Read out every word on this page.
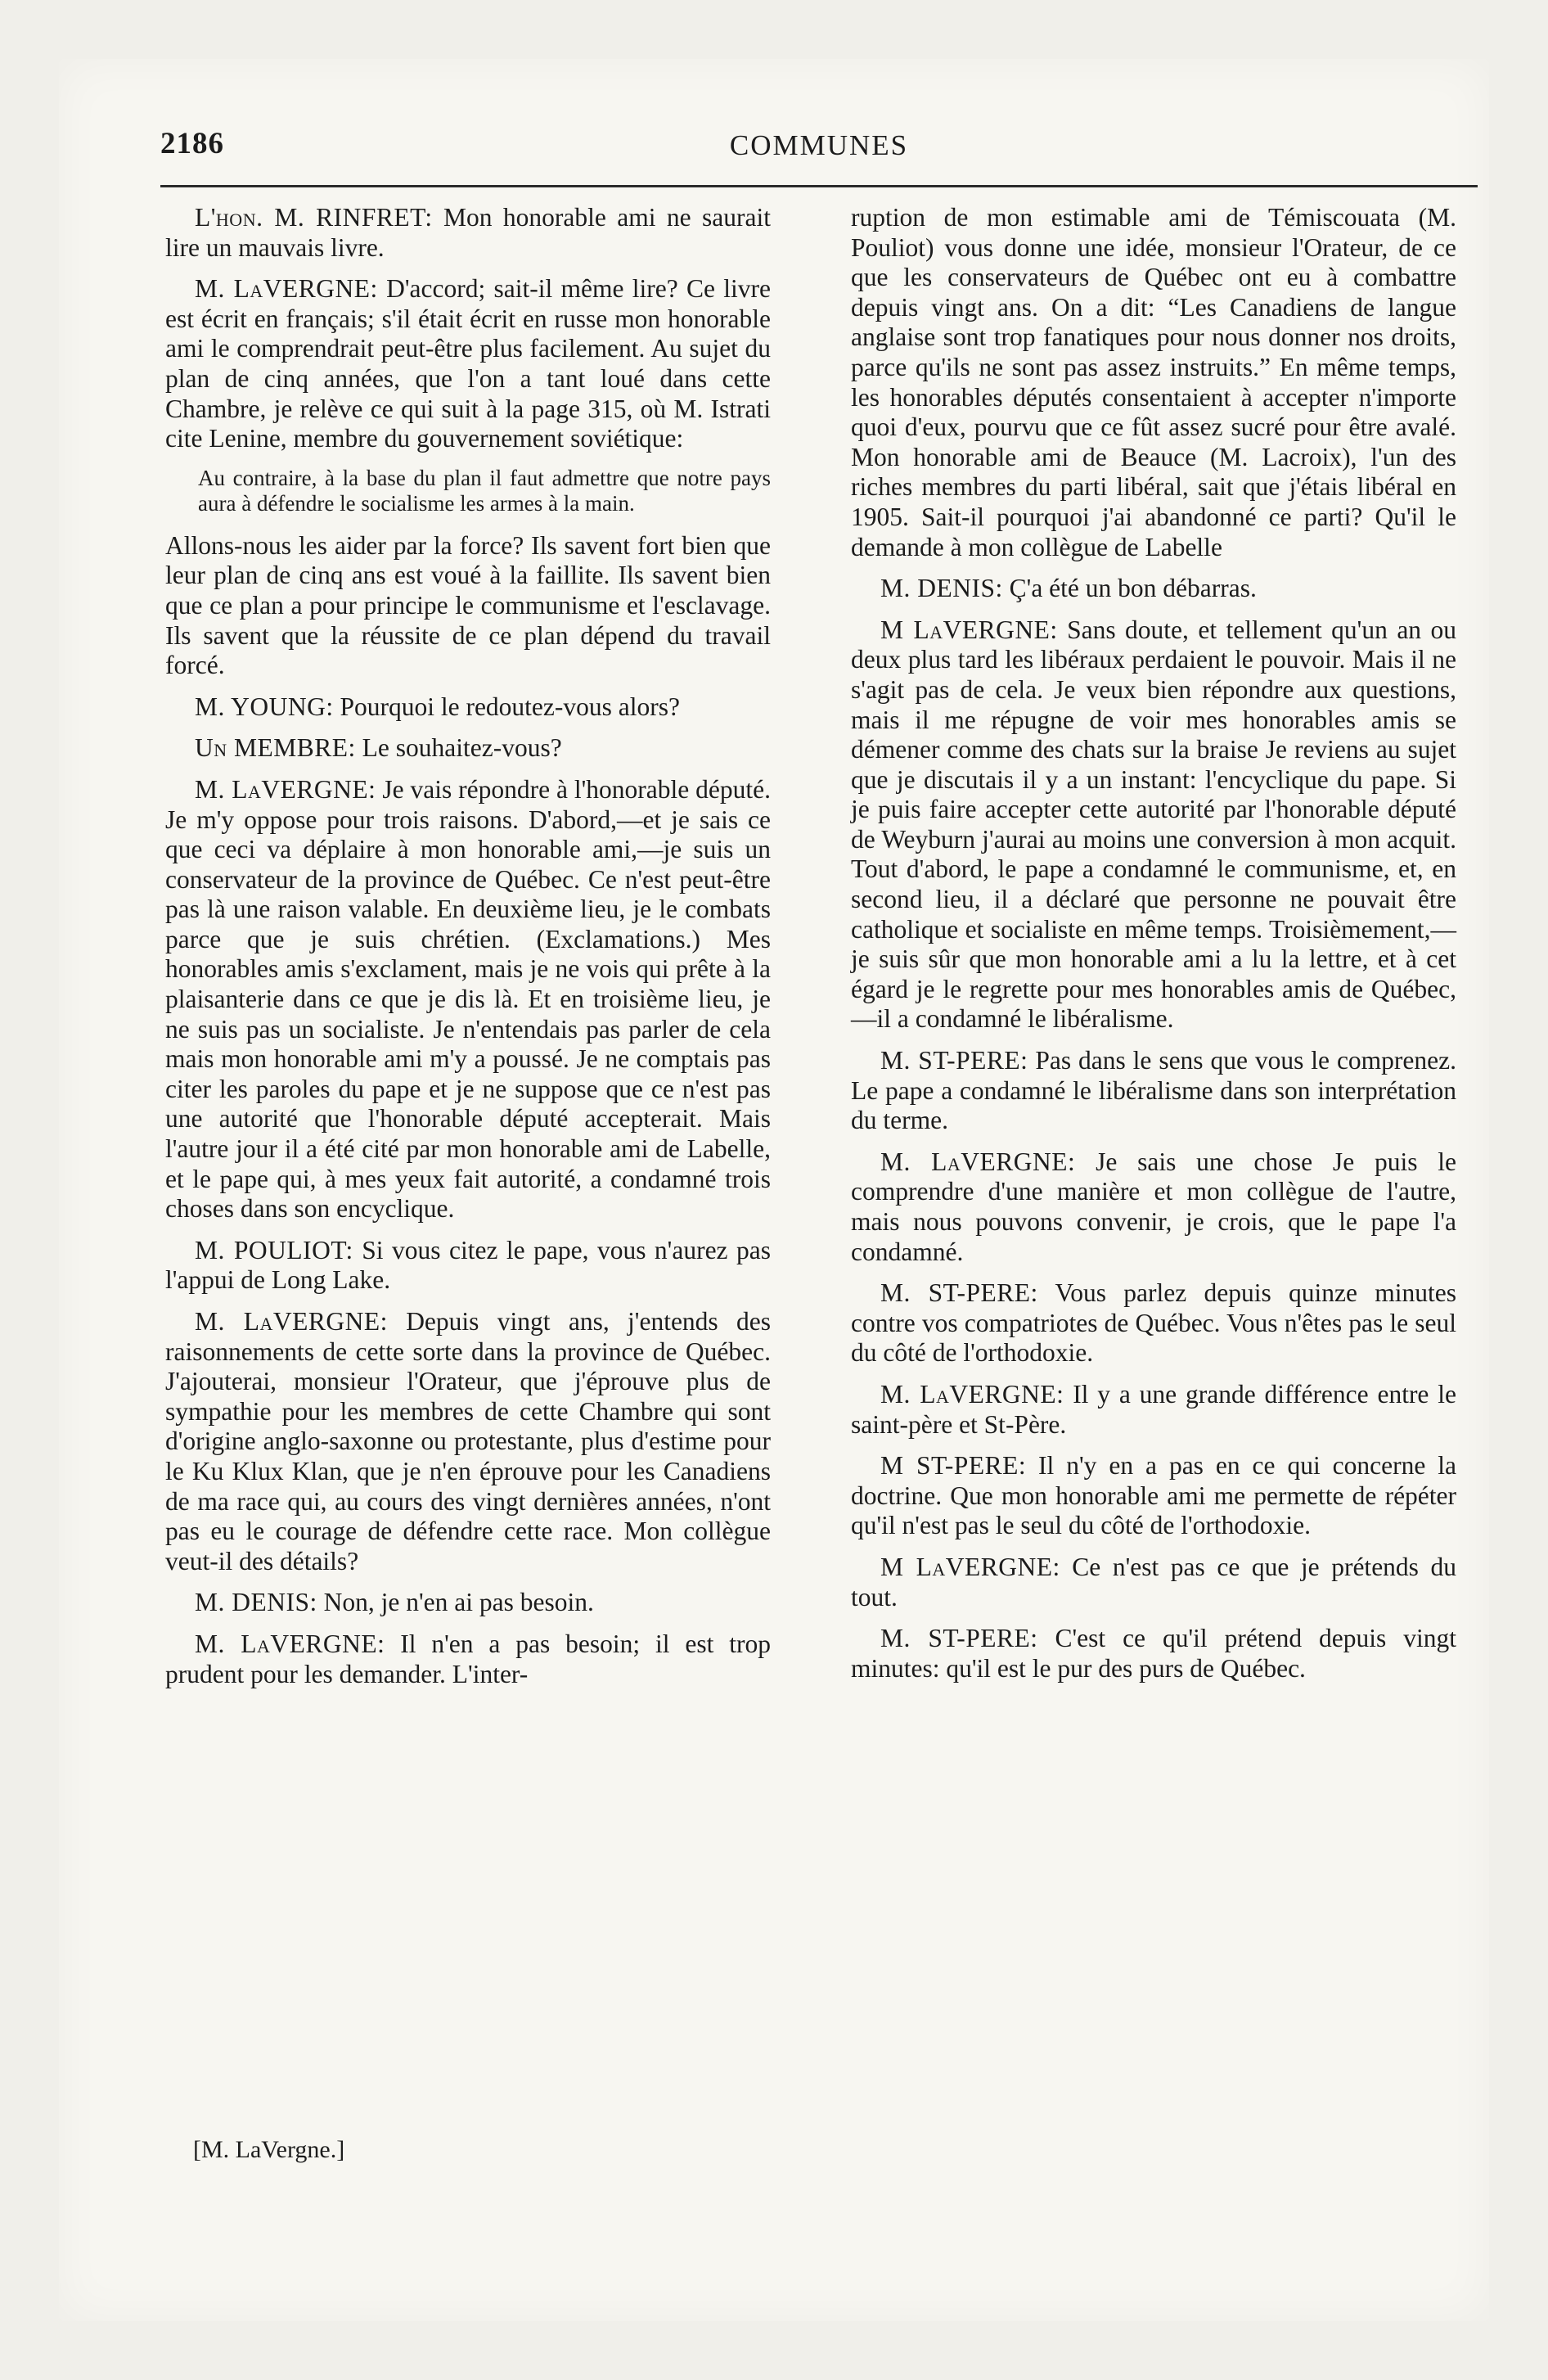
2186	COMMUNES

L'hon. M. RINFRET: Mon honorable ami ne saurait lire un mauvais livre.

M. LaVERGNE: D'accord; sait-il même lire? Ce livre est écrit en français; s'il était écrit en russe mon honorable ami le comprendrait peut-être plus facilement. Au sujet du plan de cinq années, que l'on a tant loué dans cette Chambre, je relève ce qui suit à la page 315, où M. Istrati cite Lenine, membre du gouvernement soviétique:

Au contraire, à la base du plan il faut admettre que notre pays aura à défendre le socialisme les armes à la main.

Allons-nous les aider par la force? Ils savent fort bien que leur plan de cinq ans est voué à la faillite. Ils savent bien que ce plan a pour principe le communisme et l'esclavage. Ils savent que la réussite de ce plan dépend du travail forcé.

M. YOUNG: Pourquoi le redoutez-vous alors?

Un MEMBRE: Le souhaitez-vous?

M. LaVERGNE: Je vais répondre à l'honorable député. Je m'y oppose pour trois raisons. D'abord,—et je sais ce que ceci va déplaire à mon honorable ami,—je suis un conservateur de la province de Québec. Ce n'est peut-être pas là une raison valable. En deuxième lieu, je le combats parce que je suis chrétien. (Exclamations.) Mes honorables amis s'exclament, mais je ne vois qui prête à la plaisanterie dans ce que je dis là. Et en troisième lieu, je ne suis pas un socialiste. Je n'entendais pas parler de cela mais mon honorable ami m'y a poussé. Je ne comptais pas citer les paroles du pape et je ne suppose que ce n'est pas une autorité que l'honorable député accepterait. Mais l'autre jour il a été cité par mon honorable ami de Labelle, et le pape qui, à mes yeux fait autorité, a condamné trois choses dans son encyclique.

M. POULIOT: Si vous citez le pape, vous n'aurez pas l'appui de Long Lake.

M. LaVERGNE: Depuis vingt ans, j'entends des raisonnements de cette sorte dans la province de Québec. J'ajouterai, monsieur l'Orateur, que j'éprouve plus de sympathie pour les membres de cette Chambre qui sont d'origine anglo-saxonne ou protestante, plus d'estime pour le Ku Klux Klan, que je n'en éprouve pour les Canadiens de ma race qui, au cours des vingt dernières années, n'ont pas eu le courage de défendre cette race. Mon collègue veut-il des détails?

M. DENIS: Non, je n'en ai pas besoin.

M. LaVERGNE: Il n'en a pas besoin; il est trop prudent pour les demander. L'inter-

ruption de mon estimable ami de Témiscouata (M. Pouliot) vous donne une idée, monsieur l'Orateur, de ce que les conservateurs de Québec ont eu à combattre depuis vingt ans. On a dit: “Les Canadiens de langue anglaise sont trop fanatiques pour nous donner nos droits, parce qu'ils ne sont pas assez instruits.” En même temps, les honorables députés consentaient à accepter n'importe quoi d'eux, pourvu que ce fût assez sucré pour être avalé. Mon honorable ami de Beauce (M. Lacroix), l'un des riches membres du parti libéral, sait que j'étais libéral en 1905. Sait-il pourquoi j'ai abandonné ce parti? Qu'il le demande à mon collègue de Labelle

M. DENIS: Ç'a été un bon débarras.

M LaVERGNE: Sans doute, et tellement qu'un an ou deux plus tard les libéraux perdaient le pouvoir. Mais il ne s'agit pas de cela. Je veux bien répondre aux questions, mais il me répugne de voir mes honorables amis se démener comme des chats sur la braise Je reviens au sujet que je discutais il y a un instant: l'encyclique du pape. Si je puis faire accepter cette autorité par l'honorable député de Weyburn j'aurai au moins une conversion à mon acquit. Tout d'abord, le pape a condamné le communisme, et, en second lieu, il a déclaré que personne ne pouvait être catholique et socialiste en même temps. Troisièmement,—je suis sûr que mon honorable ami a lu la lettre, et à cet égard je le regrette pour mes honorables amis de Québec,—il a condamné le libéralisme.

M. ST-PERE: Pas dans le sens que vous le comprenez. Le pape a condamné le libéralisme dans son interprétation du terme.

M. LaVERGNE: Je sais une chose Je puis le comprendre d'une manière et mon collègue de l'autre, mais nous pouvons convenir, je crois, que le pape l'a condamné.

M. ST-PERE: Vous parlez depuis quinze minutes contre vos compatriotes de Québec. Vous n'êtes pas le seul du côté de l'orthodoxie.

M. LaVERGNE: Il y a une grande différence entre le saint-père et St-Père.

M ST-PERE: Il n'y en a pas en ce qui concerne la doctrine. Que mon honorable ami me permette de répéter qu'il n'est pas le seul du côté de l'orthodoxie.

M LaVERGNE: Ce n'est pas ce que je prétends du tout.

M. ST-PERE: C'est ce qu'il prétend depuis vingt minutes: qu'il est le pur des purs de Québec.

[M. LaVergne.]
